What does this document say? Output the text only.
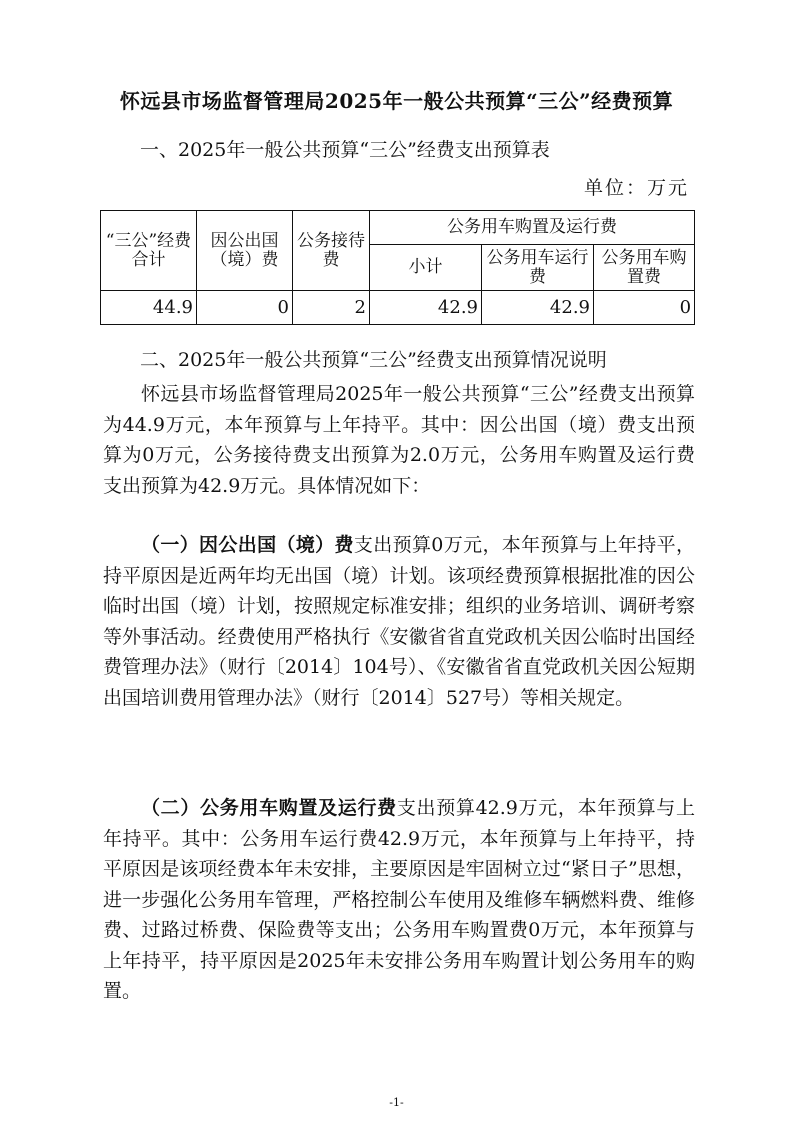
怀远县市场监督管理局2025年一般公共预算“三公”经费预算
一、2025年一般公共预算“三公”经费支出预算表
单位：万元
“三公”经费合计	因公出国（境）费	公务接待费	公务用车购置及运行费		
			小计	公务用车运行费	公务用车购置费
44.9	0	2	42.9	42.9	0
二、2025年一般公共预算“三公”经费支出预算情况说明

怀远县市场监督管理局2025年一般公共预算“三公”经费支出预算为44.9万元，本年预算与上年持平。其中：因公出国（境）费支出预算为0万元，公务接待费支出预算为2.0万元，公务用车购置及运行费支出预算为42.9万元。具体情况如下：

（一）因公出国（境）费支出预算0万元，本年预算与上年持平，持平原因是近两年均无出国（境）计划。该项经费预算根据批准的因公临时出国（境）计划，按照规定标准安排；组织的业务培训、调研考察等外事活动。经费使用严格执行《安徽省省直党政机关因公临时出国经费管理办法》（财行〔2014〕104号）、《安徽省省直党政机关因公短期出国培训费用管理办法》（财行〔2014〕527号）等相关规定。

（二）公务用车购置及运行费支出预算42.9万元，本年预算与上年持平。其中：公务用车运行费42.9万元，本年预算与上年持平，持平原因是该项经费本年未安排，主要原因是牢固树立过“紧日子”思想，进一步强化公务用车管理，严格控制公车使用及维修车辆燃料费、维修费、过路过桥费、保险费等支出；公务用车购置费0万元，本年预算与上年持平，持平原因是2025年未安排公务用车购置计划公务用车的购置。

-1-
